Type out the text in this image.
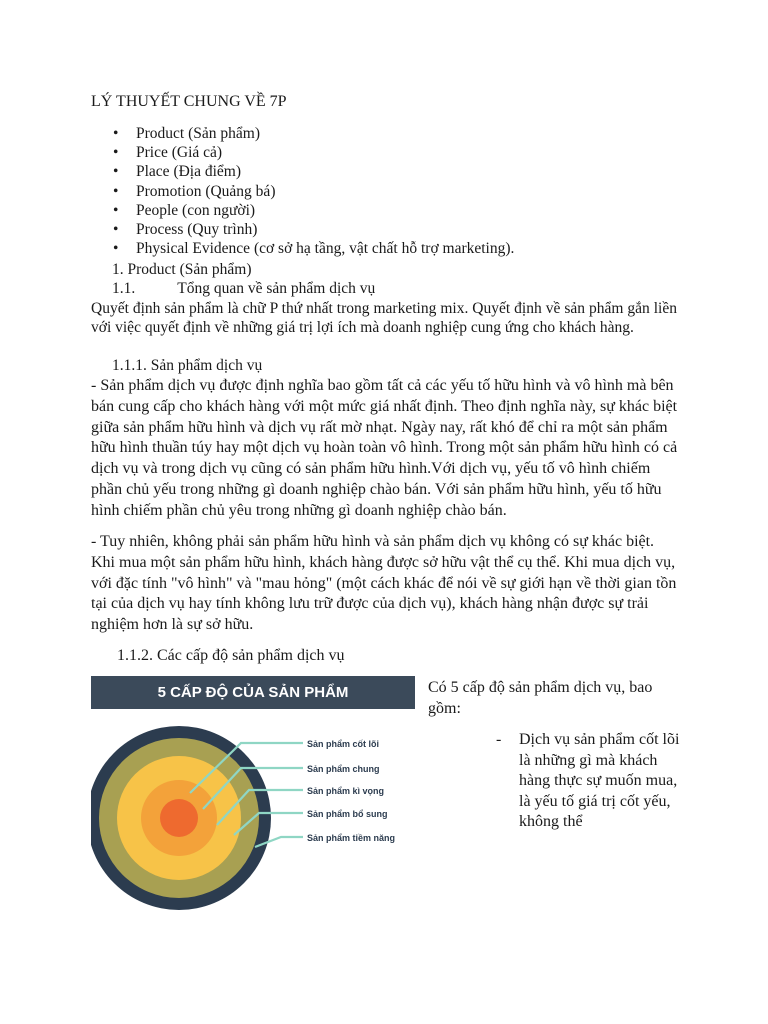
LÝ THUYẾT CHUNG VỀ 7P
• Product (Sản phẩm)
• Price (Giá cả)
• Place (Địa điểm)
• Promotion (Quảng bá)
• People (con người)
• Process (Quy trình)
• Physical Evidence (cơ sở hạ tầng, vật chất hỗ trợ marketing).
1. Product (Sản phẩm)
1.1.	Tổng quan về sản phẩm dịch vụ
Quyết định sản phẩm là chữ P thứ nhất trong marketing mix. Quyết định về sản phẩm gắn liền với việc quyết định về những giá trị lợi ích mà doanh nghiệp cung ứng cho khách hàng.
1.1.1. Sản phẩm dịch vụ
- Sản phẩm dịch vụ được định nghĩa bao gồm tất cả các yếu tố hữu hình và vô hình mà bên bán cung cấp cho khách hàng với một mức giá nhất định. Theo định nghĩa này, sự khác biệt giữa sản phẩm hữu hình và dịch vụ rất mờ nhạt. Ngày nay, rất khó để chỉ ra một sản phẩm hữu hình thuần túy hay một dịch vụ hoàn toàn vô hình. Trong một sản phẩm hữu hình có cả dịch vụ và trong dịch vụ cũng có sản phẩm hữu hình.Với dịch vụ, yếu tố vô hình chiếm phần chủ yếu trong những gì doanh nghiệp chào bán. Với sản phẩm hữu hình, yếu tố hữu hình chiếm phần chủ yêu trong những gì doanh nghiệp chào bán.
- Tuy nhiên, không phải sản phẩm hữu hình và sản phẩm dịch vụ không có sự khác biệt. Khi mua một sản phẩm hữu hình, khách hàng được sở hữu vật thể cụ thể. Khi mua dịch vụ, với đặc tính "vô hình" và "mau hỏng" (một cách khác để nói về sự giới hạn về thời gian tồn tại của dịch vụ hay tính không lưu trữ được của dịch vụ), khách hàng nhận được sự trải nghiệm hơn là sự sở hữu.
1.1.2. Các cấp độ sản phẩm dịch vụ
5 CẤP ĐỘ CỦA SẢN PHẨM
Sản phẩm cốt lõi
Sản phẩm chung
Sản phẩm kì vọng
Sản phẩm bổ sung
Sản phẩm tiềm năng
Có 5 cấp độ sản phẩm dịch vụ, bao gồm:
-	Dịch vụ sản phẩm cốt lõi là những gì mà khách hàng thực sự muốn mua, là yếu tố giá trị cốt yếu, không thể
